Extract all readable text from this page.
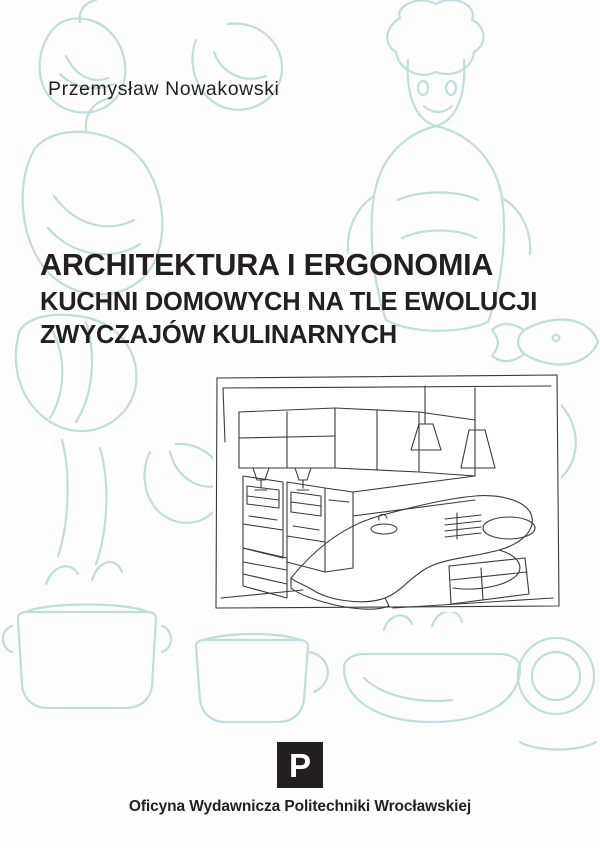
Przemysław Nowakowski
ARCHITEKTURA I ERGONOMIA
KUCHNI DOMOWYCH NA TLE EWOLUCJI
ZWYCZAJÓW KULINARNYCH
P
Oficyna Wydawnicza Politechniki Wrocławskiej
